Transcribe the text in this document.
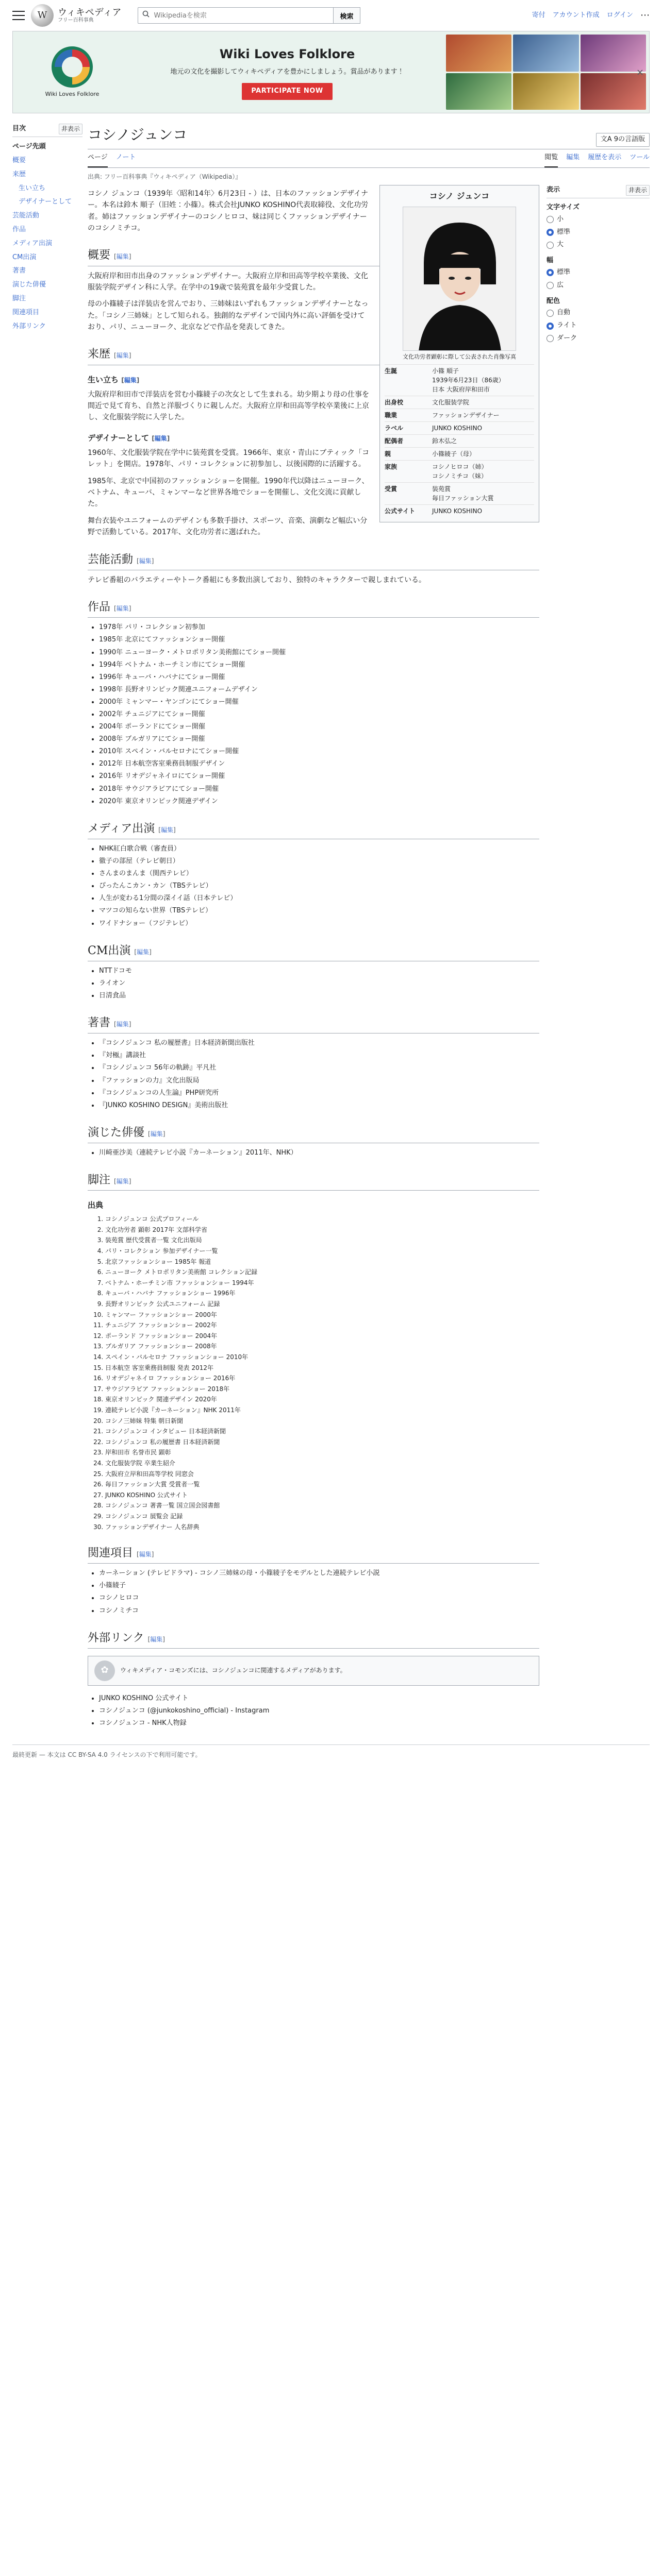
W	ウィキペディア
フリー百科事典
Wikipediaを検索
検索	寄付 アカウント作成 ログイン ⋯
Wiki Loves Folklore
Wiki Loves Folklore
地元の文化を撮影してウィキペディアを豊かにしましょう。賞品があります！
PARTICIPATE NOW
×
目次	非表示
ページ先頭
概要
来歴
生い立ち
デザイナーとして
芸能活動
作品
メディア出演
CM出演
著書
演じた俳優
脚注
関連項目
外部リンク
コシノジュンコ	文A 9の言語版
ページ ノート	閲覧 編集 履歴を表示 ツール
出典: フリー百科事典『ウィキペディア（Wikipedia）』
コシノ ジュンコ
文化功労者顕彰に際して公表された肖像写真
生誕	小篠 順子
1939年6月23日（86歳）
日本 大阪府岸和田市
出身校	文化服装学院
職業	ファッションデザイナー
ラベル	JUNKO KOSHINO
配偶者	鈴木弘之
親	小篠綾子（母）
家族	コシノヒロコ（姉）
コシノミチコ（妹）
受賞	装苑賞
毎日ファッション大賞
公式サイト	JUNKO KOSHINO

コシノ ジュンコ（1939年〈昭和14年〉6月23日 - ）は、日本のファッションデザイナー。本名は鈴木 順子（旧姓：小篠）。株式会社JUNKO KOSHINO代表取締役、文化功労者。姉はファッションデザイナーのコシノヒロコ、妹は同じくファッションデザイナーのコシノミチコ。

概要 [編集]

大阪府岸和田市出身のファッションデザイナー。大阪府立岸和田高等学校卒業後、文化服装学院デザイン科に入学。在学中の19歳で装苑賞を最年少受賞した。

母の小篠綾子は洋装店を営んでおり、三姉妹はいずれもファッションデザイナーとなった。「コシノ三姉妹」として知られる。独創的なデザインで国内外に高い評価を受けており、パリ、ニューヨーク、北京などで作品を発表してきた。

来歴 [編集]
生い立ち [編集]

大阪府岸和田市で洋装店を営む小篠綾子の次女として生まれる。幼少期より母の仕事を間近で見て育ち、自然と洋服づくりに親しんだ。大阪府立岸和田高等学校卒業後に上京し、文化服装学院に入学した。

デザイナーとして [編集]

1960年、文化服装学院在学中に装苑賞を受賞。1966年、東京・青山にブティック「コレット」を開店。1978年、パリ・コレクションに初参加し、以後国際的に活躍する。

1985年、北京で中国初のファッションショーを開催。1990年代以降はニューヨーク、ベトナム、キューバ、ミャンマーなど世界各地でショーを開催し、文化交流に貢献した。

舞台衣装やユニフォームのデザインも多数手掛け、スポーツ、音楽、演劇など幅広い分野で活動している。2017年、文化功労者に選ばれた。

芸能活動 [編集]

テレビ番組のバラエティーやトーク番組にも多数出演しており、独特のキャラクターで親しまれている。

作品 [編集]
• 1978年 パリ・コレクション初参加
• 1985年 北京にてファッションショー開催
• 1990年 ニューヨーク・メトロポリタン美術館にてショー開催
• 1994年 ベトナム・ホーチミン市にてショー開催
• 1996年 キューバ・ハバナにてショー開催
• 1998年 長野オリンピック関連ユニフォームデザイン
• 2000年 ミャンマー・ヤンゴンにてショー開催
• 2002年 チュニジアにてショー開催
• 2004年 ポーランドにてショー開催
• 2008年 ブルガリアにてショー開催
• 2010年 スペイン・バルセロナにてショー開催
• 2012年 日本航空客室乗務員制服デザイン
• 2016年 リオデジャネイロにてショー開催
• 2018年 サウジアラビアにてショー開催
• 2020年 東京オリンピック関連デザイン
メディア出演 [編集]
• NHK紅白歌合戦（審査員）
• 徹子の部屋（テレビ朝日）
• さんまのまんま（関西テレビ）
• ぴったんこカン・カン（TBSテレビ）
• 人生が変わる1分間の深イイ話（日本テレビ）
• マツコの知らない世界（TBSテレビ）
• ワイドナショー（フジテレビ）
CM出演 [編集]
• NTTドコモ
• ライオン
• 日清食品
著書 [編集]
• 『コシノジュンコ 私の履歴書』日本経済新聞出版社
• 『対極』講談社
• 『コシノジュンコ 56年の軌跡』平凡社
• 『ファッションの力』文化出版局
• 『コシノジュンコの人生論』PHP研究所
• 『JUNKO KOSHINO DESIGN』美術出版社
演じた俳優 [編集]
• 川崎亜沙美（連続テレビ小説『カーネーション』2011年、NHK）
脚注 [編集]
出典
1. コシノジュンコ 公式プロフィール
2. 文化功労者 顕彰 2017年 文部科学省
3. 装苑賞 歴代受賞者一覧 文化出版局
4. パリ・コレクション 参加デザイナー一覧
5. 北京ファッションショー 1985年 報道
6. ニューヨーク メトロポリタン美術館 コレクション記録
7. ベトナム・ホーチミン市 ファッションショー 1994年
8. キューバ・ハバナ ファッションショー 1996年
9. 長野オリンピック 公式ユニフォーム 記録
10. ミャンマー ファッションショー 2000年
11. チュニジア ファッションショー 2002年
12. ポーランド ファッションショー 2004年
13. ブルガリア ファッションショー 2008年
14. スペイン・バルセロナ ファッションショー 2010年
15. 日本航空 客室乗務員制服 発表 2012年
16. リオデジャネイロ ファッションショー 2016年
17. サウジアラビア ファッションショー 2018年
18. 東京オリンピック 関連デザイン 2020年
19. 連続テレビ小説『カーネーション』NHK 2011年
20. コシノ三姉妹 特集 朝日新聞
21. コシノジュンコ インタビュー 日本経済新聞
22. コシノジュンコ 私の履歴書 日本経済新聞
23. 岸和田市 名誉市民 顕彰
24. 文化服装学院 卒業生紹介
25. 大阪府立岸和田高等学校 同窓会
26. 毎日ファッション大賞 受賞者一覧
27. JUNKO KOSHINO 公式サイト
28. コシノジュンコ 著書一覧 国立国会図書館
29. コシノジュンコ 展覧会 記録
30. ファッションデザイナー 人名辞典
関連項目 [編集]
• カーネーション (テレビドラマ) - コシノ三姉妹の母・小篠綾子をモデルとした連続テレビ小説
• 小篠綾子
• コシノヒロコ
• コシノミチコ
外部リンク [編集]
✿	ウィキメディア・コモンズには、コシノジュンコに関連するメディアがあります。
• JUNKO KOSHINO 公式サイト
• コシノジュンコ (@junkokoshino_official) - Instagram
• コシノジュンコ - NHK人物録
表示	非表示
文字サイズ
小
標準
大
幅
標準
広
配色
自動
ライト
ダーク
最終更新 — 本文は CC BY-SA 4.0 ライセンスの下で利用可能です。
